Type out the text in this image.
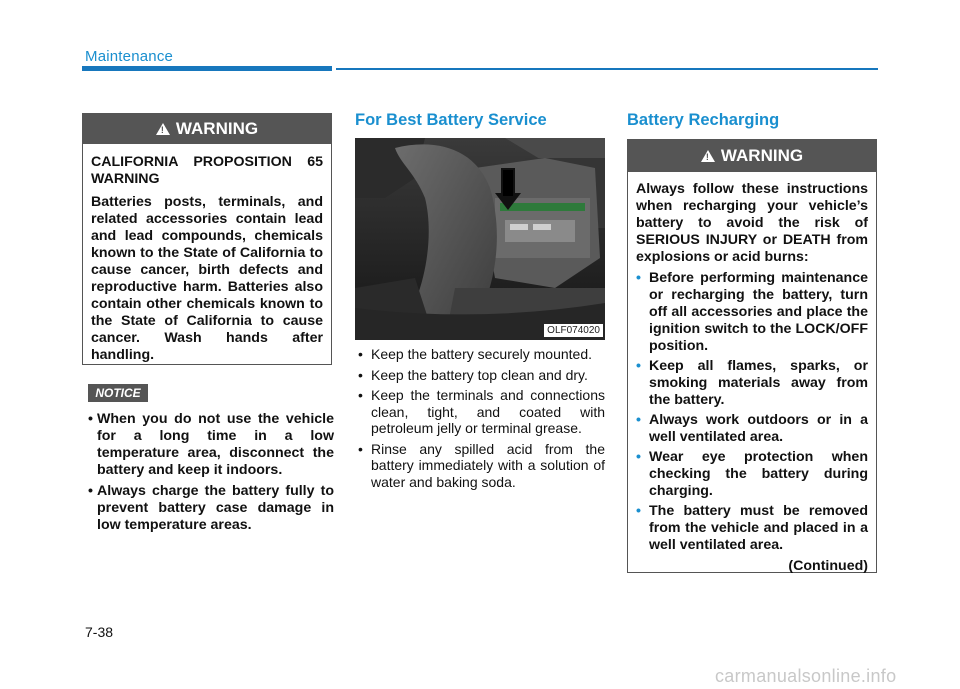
Maintenance
! WARNING

CALIFORNIA PROPOSITION 65 WARNING

Batteries posts, terminals, and related accessories contain lead and lead compounds, chemicals known to the State of California to cause cancer, birth defects and reproductive harm. Batteries also contain other chemicals known to the State of California to cause cancer. Wash hands after handling.

NOTICE
• When you do not use the vehicle for a long time in a low temperature area, disconnect the battery and keep it indoors.
• Always charge the battery fully to prevent battery case damage in low temperature areas.
For Best Battery Service
OLF074020
• Keep the battery securely mounted.
• Keep the battery top clean and dry.
• Keep the terminals and connections clean, tight, and coated with petroleum jelly or terminal grease.
• Rinse any spilled acid from the battery immediately with a solution of water and baking soda.
Battery Recharging
! WARNING

Always follow these instructions when recharging your vehicle’s battery to avoid the risk of SERIOUS INJURY or DEATH from explosions or acid burns:

• Before performing maintenance or recharging the battery, turn off all accessories and place the ignition switch to the LOCK/OFF position.
• Keep all flames, sparks, or smoking materials away from the battery.
• Always work outdoors or in a well ventilated area.
• Wear eye protection when checking the battery during charging.
• The battery must be removed from the vehicle and placed in a well ventilated area.
(Continued)
7-38
carmanualsonline.info
